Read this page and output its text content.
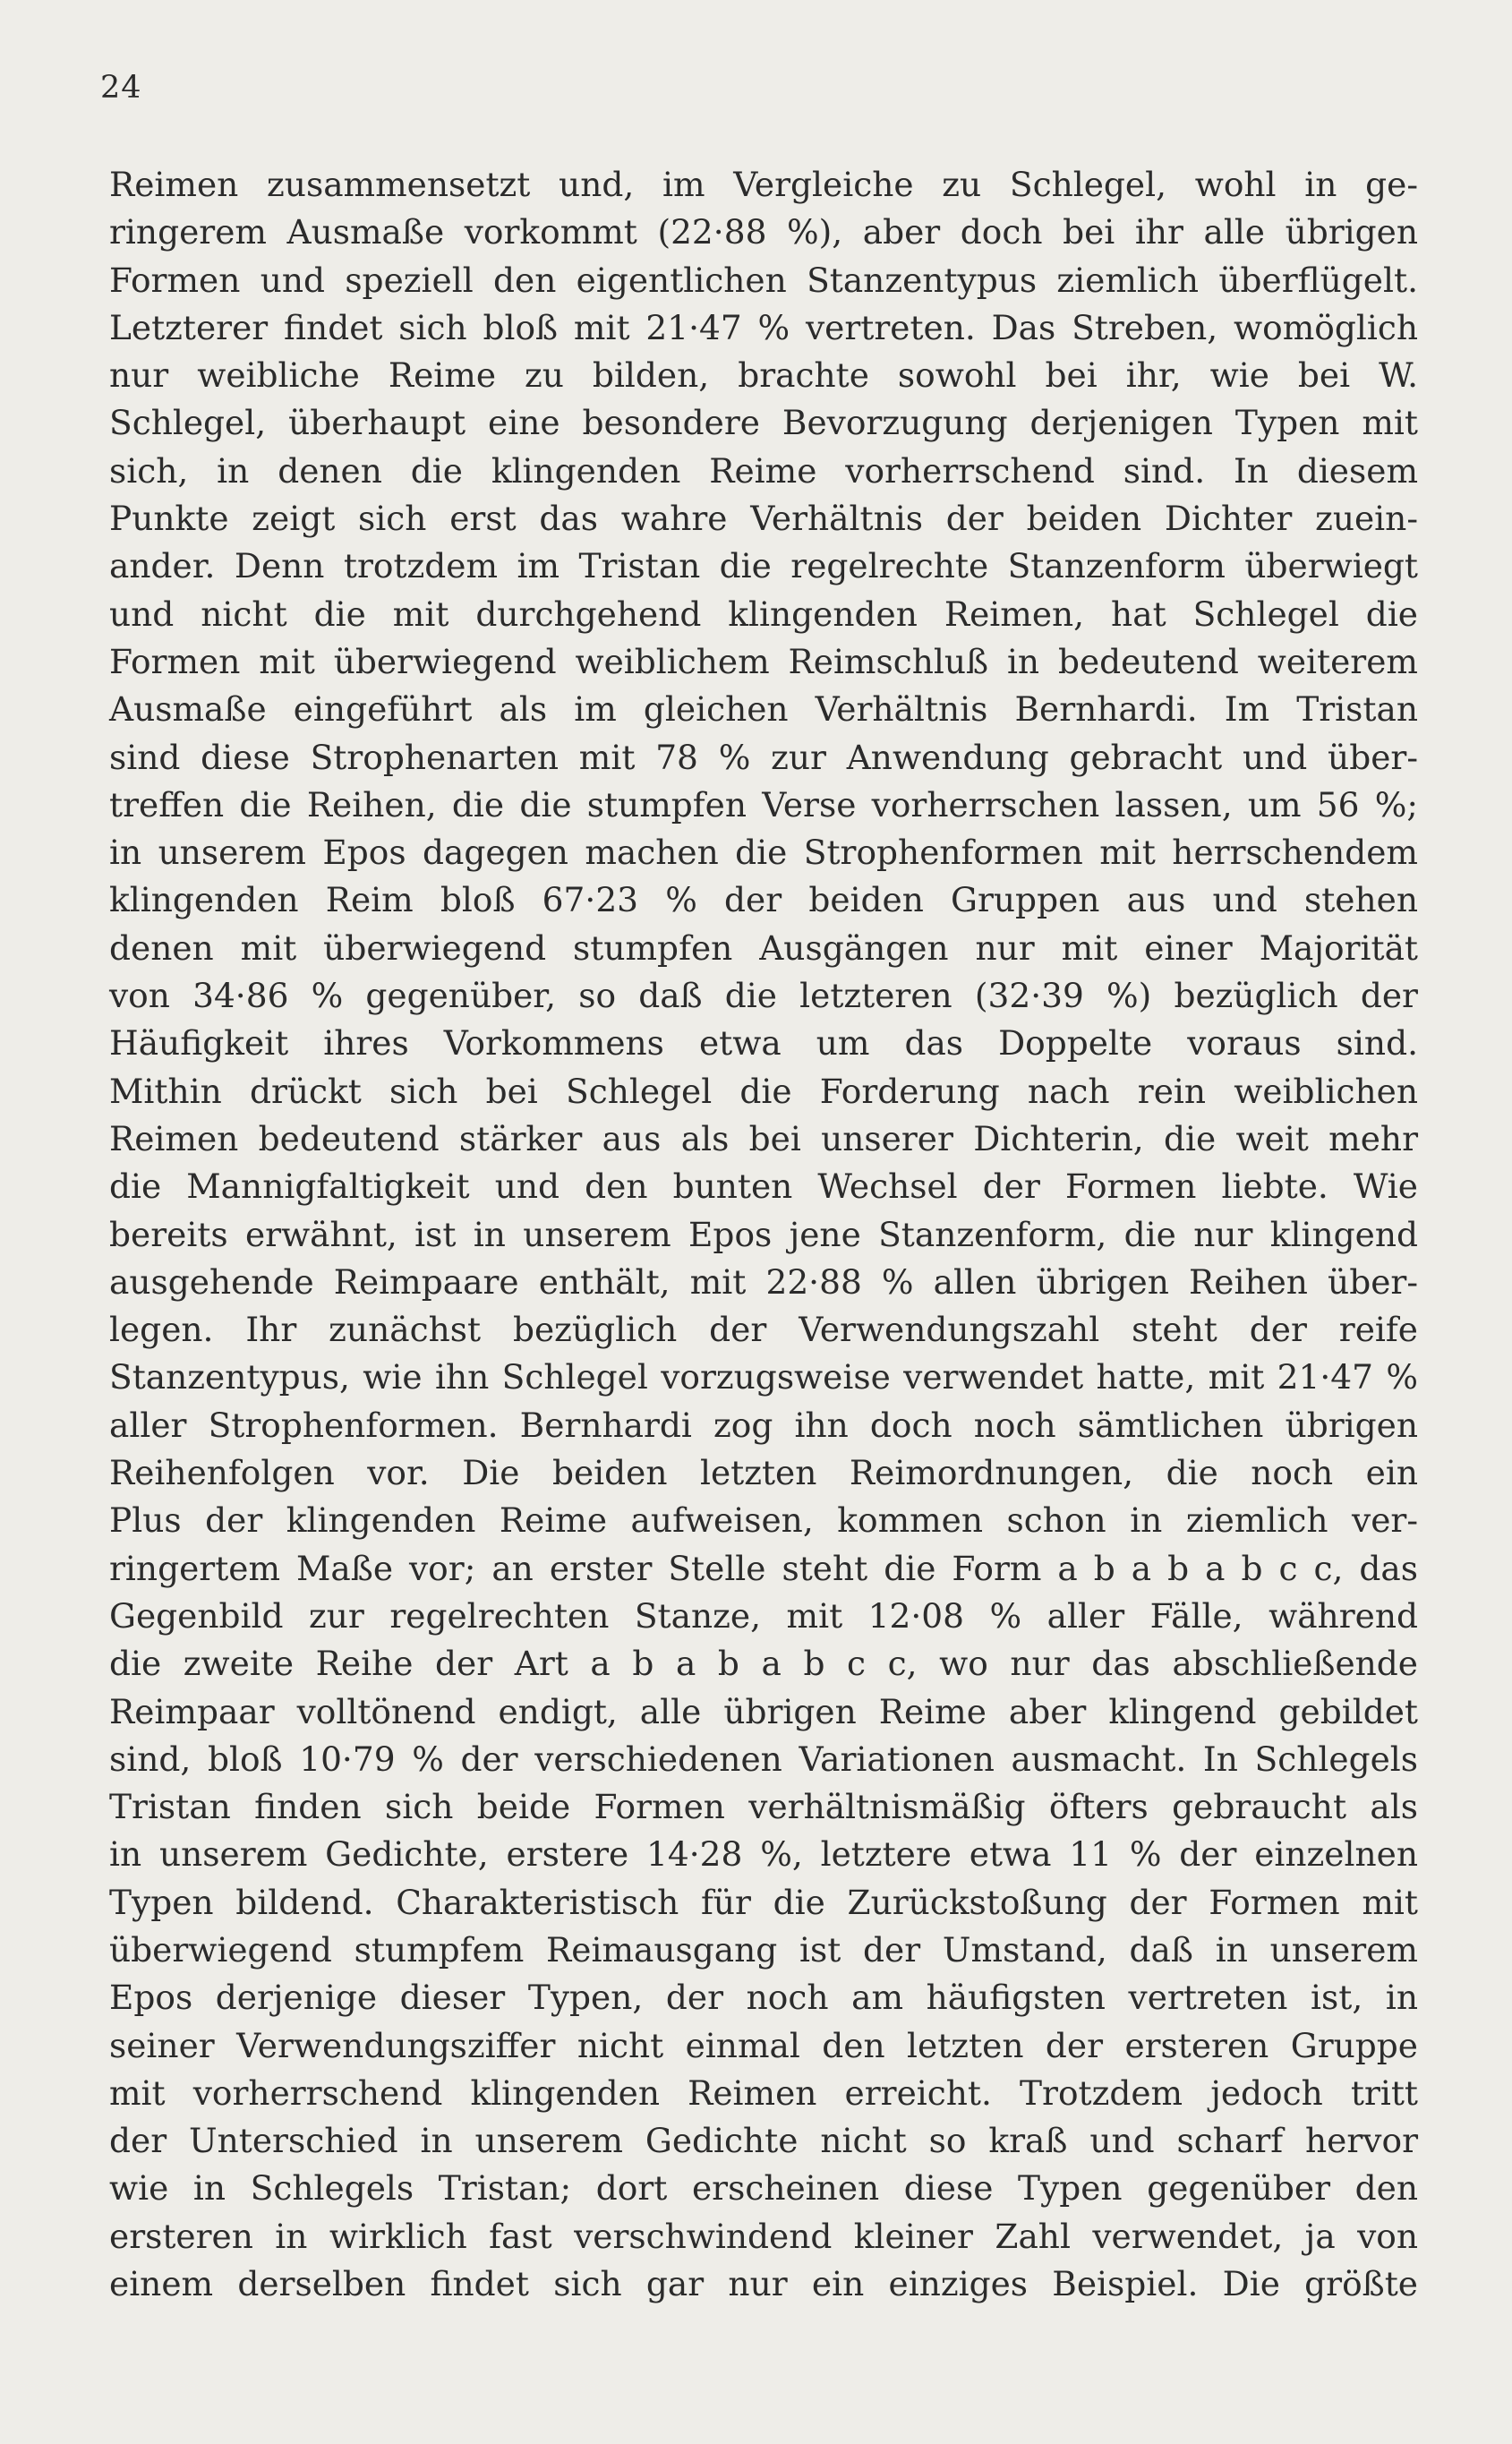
24
Reimen zusammensetzt und, im Vergleiche zu Schlegel, wohl in ge-
ringerem Ausmaße vorkommt (22·88 %), aber doch bei ihr alle übrigen
Formen und speziell den eigentlichen Stanzentypus ziemlich überflügelt.
Letzterer findet sich bloß mit 21·47 % vertreten. Das Streben, womöglich
nur weibliche Reime zu bilden, brachte sowohl bei ihr, wie bei W.
Schlegel, überhaupt eine besondere Bevorzugung derjenigen Typen mit
sich, in denen die klingenden Reime vorherrschend sind. In diesem
Punkte zeigt sich erst das wahre Verhältnis der beiden Dichter zuein-
ander. Denn trotzdem im Tristan die regelrechte Stanzenform überwiegt
und nicht die mit durchgehend klingenden Reimen, hat Schlegel die
Formen mit überwiegend weiblichem Reimschluß in bedeutend weiterem
Ausmaße eingeführt als im gleichen Verhältnis Bernhardi. Im Tristan
sind diese Strophenarten mit 78 % zur Anwendung gebracht und über-
treffen die Reihen, die die stumpfen Verse vorherrschen lassen, um 56 %;
in unserem Epos dagegen machen die Strophenformen mit herrschendem
klingenden Reim bloß 67·23 % der beiden Gruppen aus und stehen
denen mit überwiegend stumpfen Ausgängen nur mit einer Majorität
von 34·86 % gegenüber, so daß die letzteren (32·39 %) bezüglich der
Häufigkeit ihres Vorkommens etwa um das Doppelte voraus sind.
Mithin drückt sich bei Schlegel die Forderung nach rein weiblichen
Reimen bedeutend stärker aus als bei unserer Dichterin, die weit mehr
die Mannigfaltigkeit und den bunten Wechsel der Formen liebte. Wie
bereits erwähnt, ist in unserem Epos jene Stanzenform, die nur klingend
ausgehende Reimpaare enthält, mit 22·88 % allen übrigen Reihen über-
legen. Ihr zunächst bezüglich der Verwendungszahl steht der reife
Stanzentypus, wie ihn Schlegel vorzugsweise verwendet hatte, mit 21·47 %
aller Strophenformen. Bernhardi zog ihn doch noch sämtlichen übrigen
Reihenfolgen vor. Die beiden letzten Reimordnungen, die noch ein
Plus der klingenden Reime aufweisen, kommen schon in ziemlich ver-
ringertem Maße vor; an erster Stelle steht die Form a b a b a b c c, das
Gegenbild zur regelrechten Stanze, mit 12·08 % aller Fälle, während
die zweite Reihe der Art a b a b a b c c, wo nur das abschließende
Reimpaar volltönend endigt, alle übrigen Reime aber klingend gebildet
sind, bloß 10·79 % der verschiedenen Variationen ausmacht. In Schlegels
Tristan finden sich beide Formen verhältnismäßig öfters gebraucht als
in unserem Gedichte, erstere 14·28 %, letztere etwa 11 % der einzelnen
Typen bildend. Charakteristisch für die Zurückstoßung der Formen mit
überwiegend stumpfem Reimausgang ist der Umstand, daß in unserem
Epos derjenige dieser Typen, der noch am häufigsten vertreten ist, in
seiner Verwendungsziffer nicht einmal den letzten der ersteren Gruppe
mit vorherrschend klingenden Reimen erreicht. Trotzdem jedoch tritt
der Unterschied in unserem Gedichte nicht so kraß und scharf hervor
wie in Schlegels Tristan; dort erscheinen diese Typen gegenüber den
ersteren in wirklich fast verschwindend kleiner Zahl verwendet, ja von
einem derselben findet sich gar nur ein einziges Beispiel. Die größte
